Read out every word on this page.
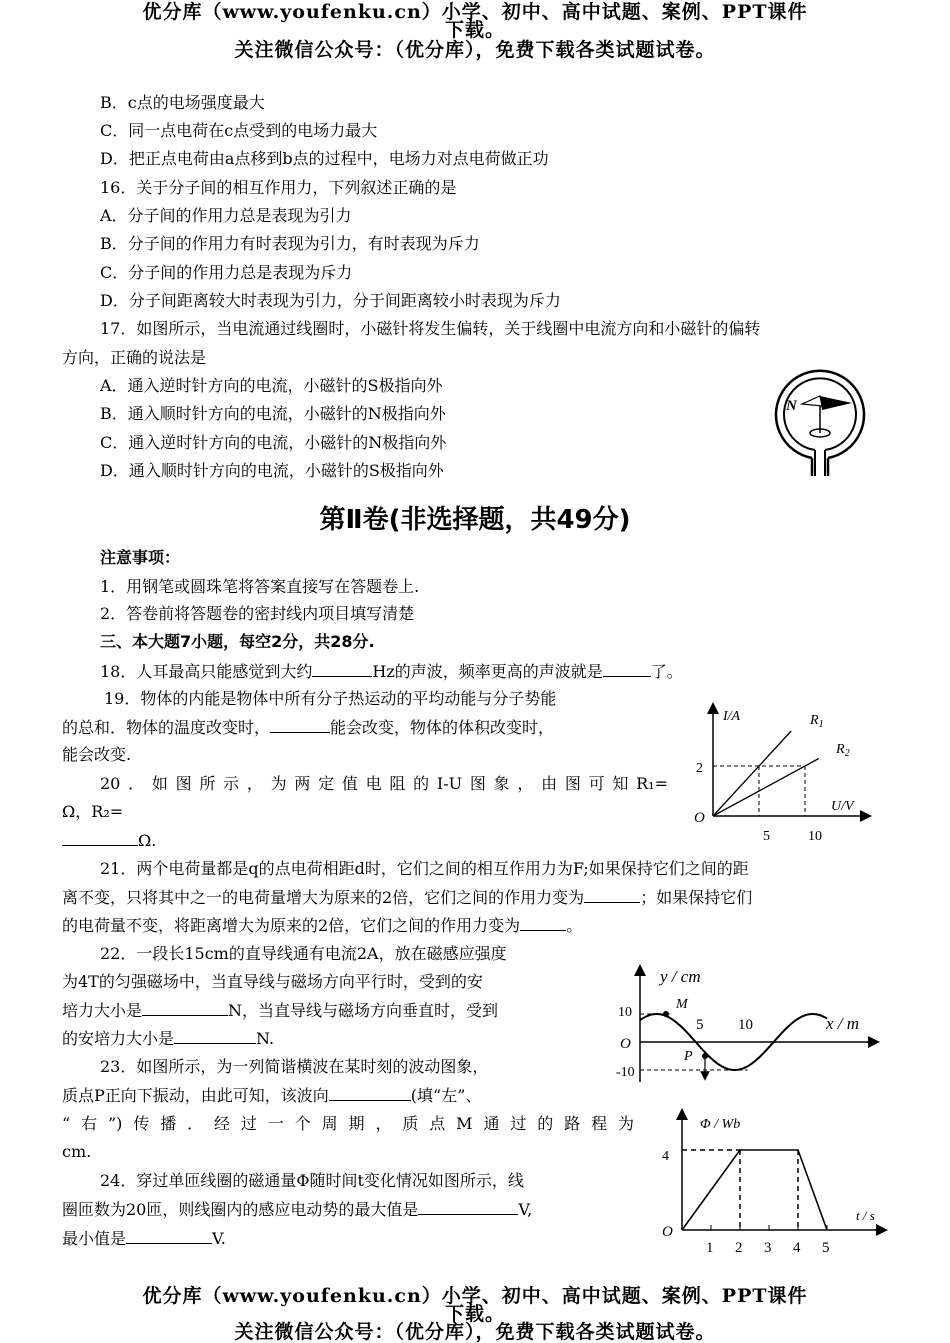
优分库（www.youfenku.cn）小学、初中、高中试题、案例、PPT课件
下载。
关注微信公众号：（优分库），免费下载各类试题试卷。
B．c点的电场强度最大
C．同一点电荷在c点受到的电场力最大
D．把正点电荷由a点移到b点的过程中，电场力对点电荷做正功
16．关于分子间的相互作用力，下列叙述正确的是
A．分子间的作用力总是表现为引力
B．分子间的作用力有时表现为引力，有时表现为斥力
C．分子间的作用力总是表现为斥力
D．分子间距离较大时表现为引力，分于间距离较小时表现为斥力
17．如图所示，当电流通过线圈时，小磁针将发生偏转，关于线圈中电流方向和小磁针的偏转
方向，正确的说法是
A．通入逆时针方向的电流，小磁针的S极指向外
B．通入顺时针方向的电流，小磁针的N极指向外
C．通入逆时针方向的电流，小磁针的N极指向外
D．通入顺时针方向的电流，小磁针的S极指向外
N
第Ⅱ卷(非选择题，共49分)
注意事项：
1．用钢笔或圆珠笔将答案直接写在答题卷上.
2．答卷前将答题卷的密封线内项目填写清楚
三、本大题7小题，每空2分，共28分.
18．人耳最高只能感觉到大约	Hz的声波，频率更高的声波就是	了。
19．物体的内能是物体中所有分子热运动的平均动能与分子势能
的总和．物体的温度改变时，	能会改变，物体的体积改变时，
能会改变.
20．如图所示，为两定值电阻的I-U图象，由图可知R₁=
Ω，R₂=
Ω.
I/A
U/V
O
2
5	10
$R_1$
$R_2$
21．两个电荷量都是q的点电荷相距d时，它们之间的相互作用力为F;如果保持它们之间的距
离不变，只将其中之一的电荷量增大为原来的2倍，它们之间的作用力变为	；如果保持它们
的电荷量不变，将距离增大为原来的2倍，它们之间的作用力变为	。
22．一段长15cm的直导线通有电流2A，放在磁感应强度
为4T的匀强磁场中，当直导线与磁场方向平行时，受到的安
培力大小是	N，当直导线与磁场方向垂直时，受到
的安培力大小是	N.
y / cm
x / m
O
10
-10
5 10
M
P
23．如图所示，为一列简谐横波在某时刻的波动图象，
质点P正向下振动，由此可知，该波向	(填“左”、
“右”)传播．经过一个周期，质点M通过的路程为
cm.
Φ / Wb
t / s
O
4
1 2 3 4 5
24．穿过单匝线圈的磁通量Φ随时间t变化情况如图所示，线
圈匝数为20匝，则线圈内的感应电动势的最大值是	V,
最小值是	V.
优分库（www.youfenku.cn）小学、初中、高中试题、案例、PPT课件
下载。
关注微信公众号：（优分库），免费下载各类试题试卷。
